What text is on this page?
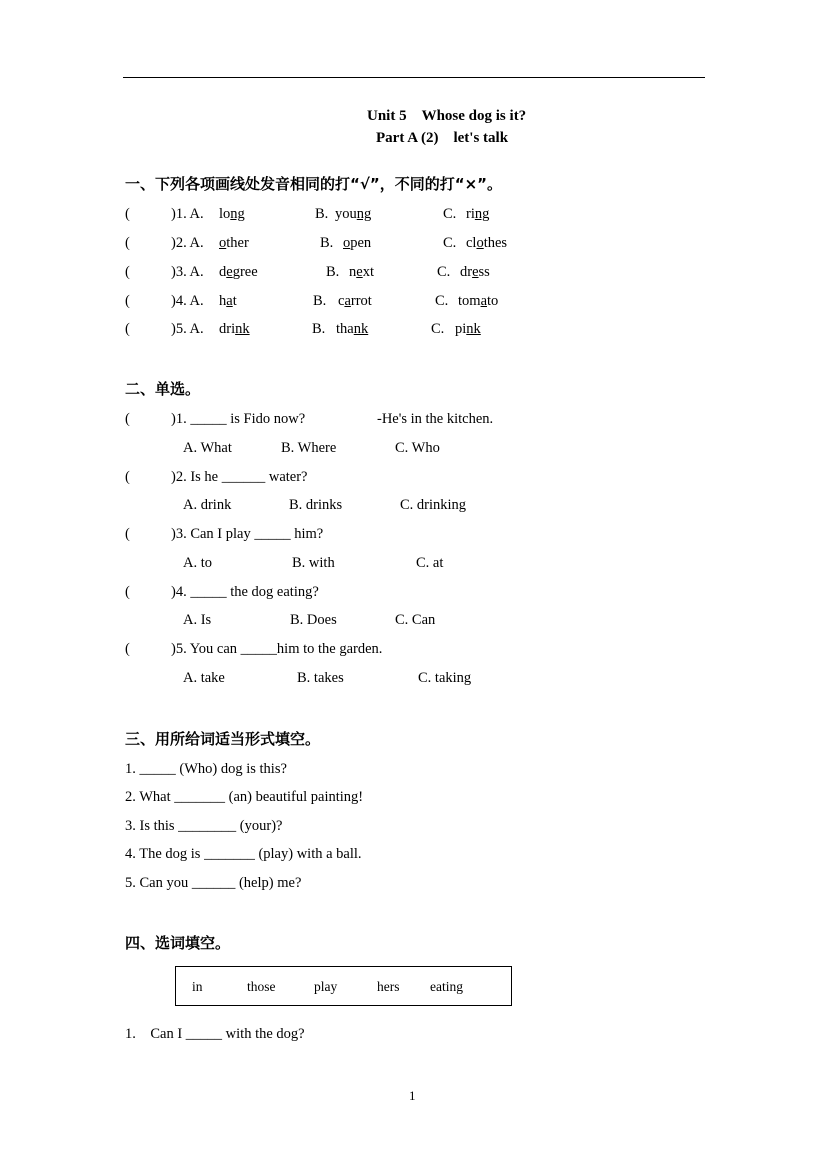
Unit 5　Whose dog is it?
Part A (2)　let's talk
一、下列各项画线处发音相同的打“√”，不同的打“×”。
(	)1. A. long	B. young	C. ring
(	)2. A. other	B. open	C. clothes
(	)3. A. degree	B. next	C. dress
(	)4. A. hat	B. carrot	C. tomato
(	)5. A. drink	B. thank	C. pink
二、单选。
(	)1. _____ is Fido now?	-He's in the kitchen.
A. What	B. Where	C. Who
(	)2. Is he ______ water?
A. drink	B. drinks	C. drinking
(	)3. Can I play _____ him?
A. to	B. with	C. at
(	)4. _____ the dog eating?
A. Is	B. Does	C. Can
(	)5. You can _____him to the garden.
A. take	B. takes	C. taking
三、用所给词适当形式填空。
1. _____ (Who) dog is this?
2. What _______ (an) beautiful painting!
3. Is this ________ (your)?
4. The dog is _______ (play) with a ball.
5. Can you ______ (help) me?
四、选词填空。
in	those	play	hers eating
1.　Can I _____ with the dog?
1
